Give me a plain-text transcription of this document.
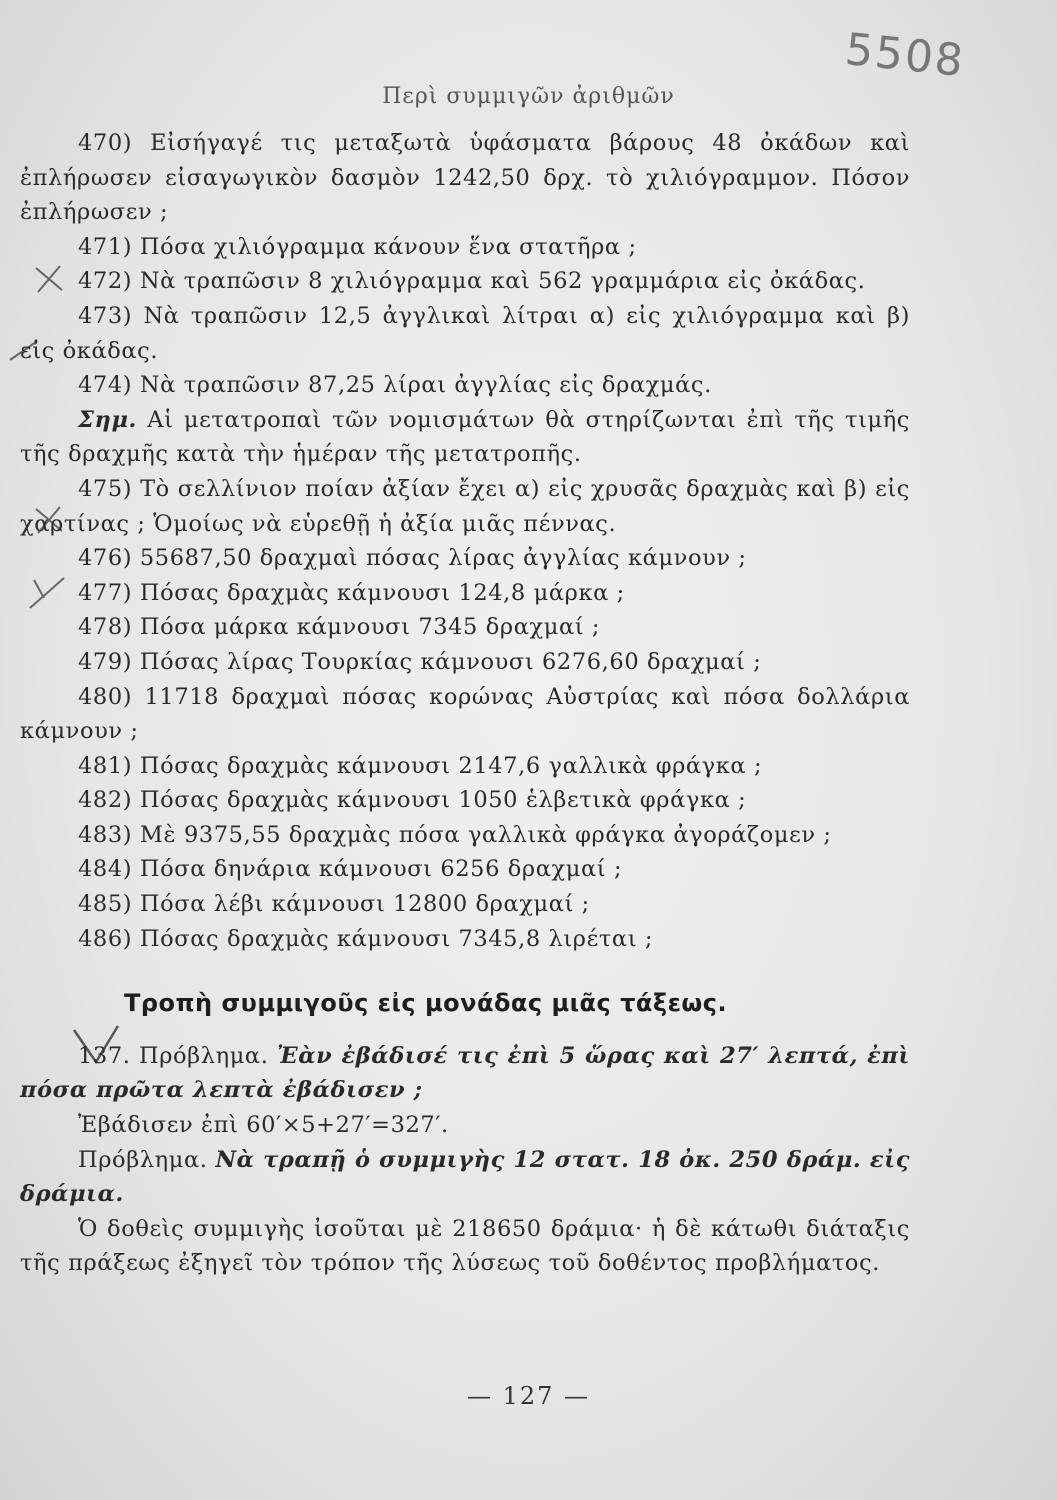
5508
Περὶ συμμιγῶν ἀριθμῶν

470) Εἰσήγαγέ τις μεταξωτὰ ὑφάσματα βάρους 48 ὀκάδων καὶ ἐπλήρωσεν εἰσαγωγικὸν δασμὸν 1242,50 δρχ. τὸ χιλιόγραμμον. Πόσον ἐπλήρωσεν ;

471) Πόσα χιλιόγραμμα κάνουν ἕνα στατῆρα ;

472) Νὰ τραπῶσιν 8 χιλιόγραμμα καὶ 562 γραμμάρια εἰς ὀκάδας.

473) Νὰ τραπῶσιν 12,5 ἀγγλικαὶ λίτραι α) εἰς χιλιόγραμμα καὶ β) εἰς ὀκάδας.

474) Νὰ τραπῶσιν 87,25 λίραι ἀγγλίας εἰς δραχμάς.

Σημ. Αἱ μετατροπαὶ τῶν νομισμάτων θὰ στηρίζωνται ἐπὶ τῆς τιμῆς τῆς δραχμῆς κατὰ τὴν ἡμέραν τῆς μετατροπῆς.

475) Τὸ σελλίνιον ποίαν ἀξίαν ἔχει α) εἰς χρυσᾶς δραχμὰς καὶ β) εἰς χαρτίνας ; Ὁμοίως νὰ εὑρεθῇ ἡ ἀξία μιᾶς πέννας.

476) 55687,50 δραχμαὶ πόσας λίρας ἀγγλίας κάμνουν ;

477) Πόσας δραχμὰς κάμνουσι 124,8 μάρκα ;

478) Πόσα μάρκα κάμνουσι 7345 δραχμαί ;

479) Πόσας λίρας Τουρκίας κάμνουσι 6276,60 δραχμαί ;

480) 11718 δραχμαὶ πόσας κορώνας Αὐστρίας καὶ πόσα δολλάρια κάμνουν ;

481) Πόσας δραχμὰς κάμνουσι 2147,6 γαλλικὰ φράγκα ;

482) Πόσας δραχμὰς κάμνουσι 1050 ἑλβετικὰ φράγκα ;

483) Μὲ 9375,55 δραχμὰς πόσα γαλλικὰ φράγκα ἀγοράζομεν ;

484) Πόσα δηνάρια κάμνουσι 6256 δραχμαί ;

485) Πόσα λέβι κάμνουσι 12800 δραχμαί ;

486) Πόσας δραχμὰς κάμνουσι 7345,8 λιρέται ;

Τροπὴ συμμιγοῦς εἰς μονάδας μιᾶς τάξεως.

137. Πρόβλημα. Ἐὰν ἐβάδισέ τις ἐπὶ 5 ὥρας καὶ 27′ λεπτά, ἐπὶ πόσα πρῶτα λεπτὰ ἐβάδισεν ;

Ἐβάδισεν ἐπὶ 60′×5+27′=327′.

Πρόβλημα. Νὰ τραπῇ ὁ συμμιγὴς 12 στατ. 18 ὀκ. 250 δράμ. εἰς δράμια.

Ὁ δοθεὶς συμμιγὴς ἰσοῦται μὲ 218650 δράμια· ἡ δὲ κάτωθι διάταξις τῆς πράξεως ἐξηγεῖ τὸν τρόπον τῆς λύσεως τοῦ δοθέντος προβλήματος.

— 127 —
